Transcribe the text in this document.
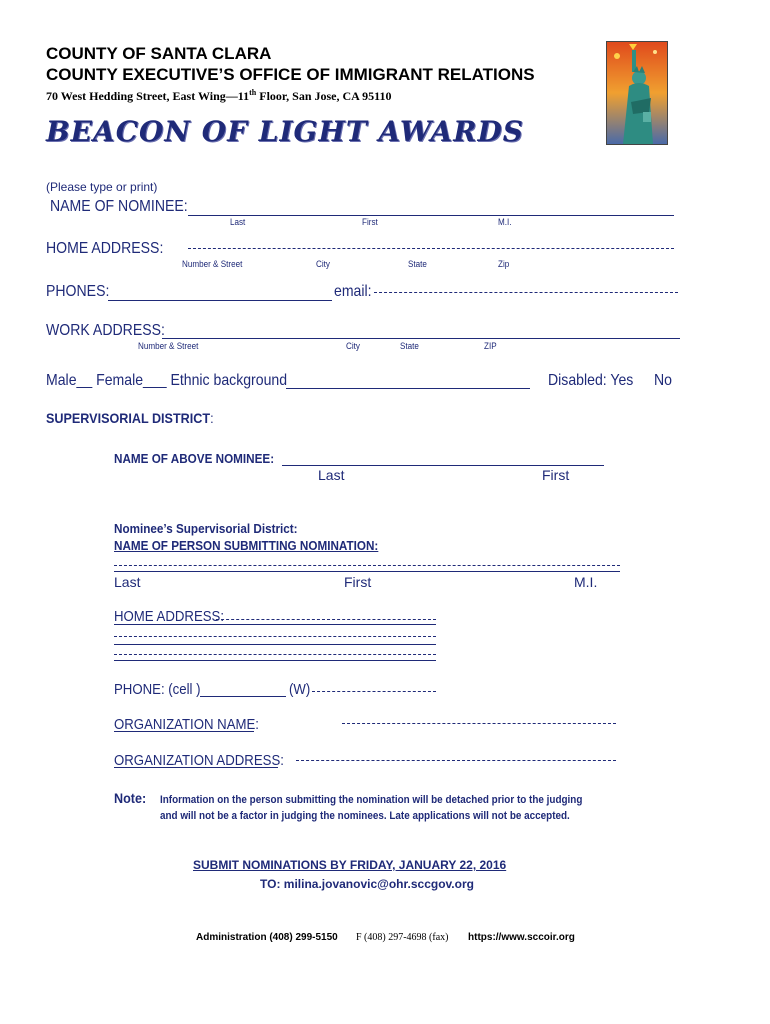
COUNTY OF SANTA CLARA
COUNTY EXECUTIVE’S OFFICE OF IMMIGRANT RELATIONS
70 West Hedding Street, East Wing—11th Floor, San Jose, CA 95110
BEACON OF LIGHT AWARDS
(Please type or print)
NAME OF NOMINEE:
Last	First	M.I.
HOME ADDRESS:
Number & Street	City	State	Zip
PHONES:	email:
WORK ADDRESS:
Number & Street	City	State	ZIP
Male__ Female___ Ethnic background	Disabled: Yes No
SUPERVISORIAL DISTRICT:
NAME OF ABOVE NOMINEE:
Last	First
Nominee’s Supervisorial District:
NAME OF PERSON SUBMITTING NOMINATION:
Last	First	M.I.
HOME ADDRESS:
PHONE: (cell )	(W)
ORGANIZATION NAME:
ORGANIZATION ADDRESS:
Note: Information on the person submitting the nomination will be detached prior to the judging
and will not be a factor in judging the nominees. Late applications will not be accepted.
SUBMIT NOMINATIONS BY FRIDAY, JANUARY 22, 2016
TO: milina.jovanovic@ohr.sccgov.org
Administration (408) 299-5150 F (408) 297-4698 (fax) https://www.sccoir.org
